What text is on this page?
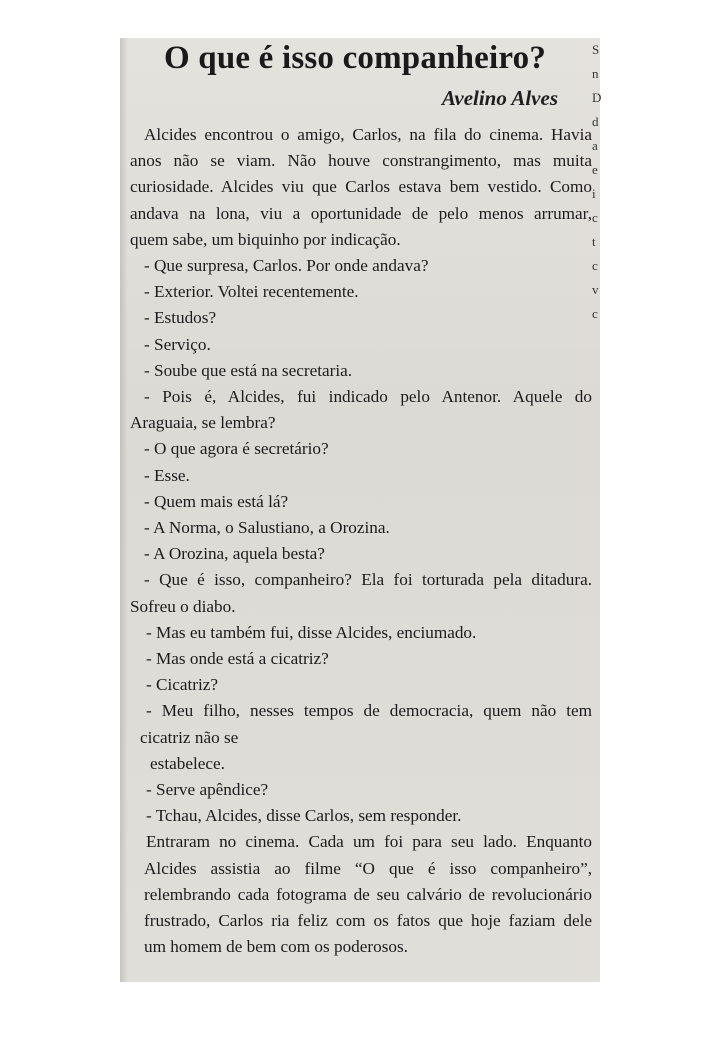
O que é isso companheiro?
Avelino Alves
Alcides encontrou o amigo, Carlos, na fila do cinema. Havia
anos não se viam. Não houve constrangimento, mas muita
curiosidade. Alcides viu que Carlos estava bem vestido. Como
andava na lona, viu a oportunidade de pelo menos arrumar,
quem sabe, um biquinho por indicação.
- Que surpresa, Carlos. Por onde andava?
- Exterior. Voltei recentemente.
- Estudos?
- Serviço.
- Soube que está na secretaria.
- Pois é, Alcides, fui indicado pelo Antenor. Aquele do
Araguaia, se lembra?
- O que agora é secretário?
- Esse.
- Quem mais está lá?
- A Norma, o Salustiano, a Orozina.
- A Orozina, aquela besta?
- Que é isso, companheiro? Ela foi torturada pela ditadura.
Sofreu o diabo.
- Mas eu também fui, disse Alcides, enciumado.
- Mas onde está a cicatriz?
- Cicatriz?
- Meu filho, nesses tempos de democracia, quem não tem
cicatriz não se
estabelece.
- Serve apêndice?
- Tchau, Alcides, disse Carlos, sem responder.
Entraram no cinema. Cada um foi para seu lado. Enquanto
Alcides assistia ao filme “O que é isso companheiro”,
relembrando cada fotograma de seu calvário de revolucionário
frustrado, Carlos ria feliz com os fatos que hoje faziam dele
um homem de bem com os poderosos.
S
n
D
d
a
e
i
c
t
c
v
c
